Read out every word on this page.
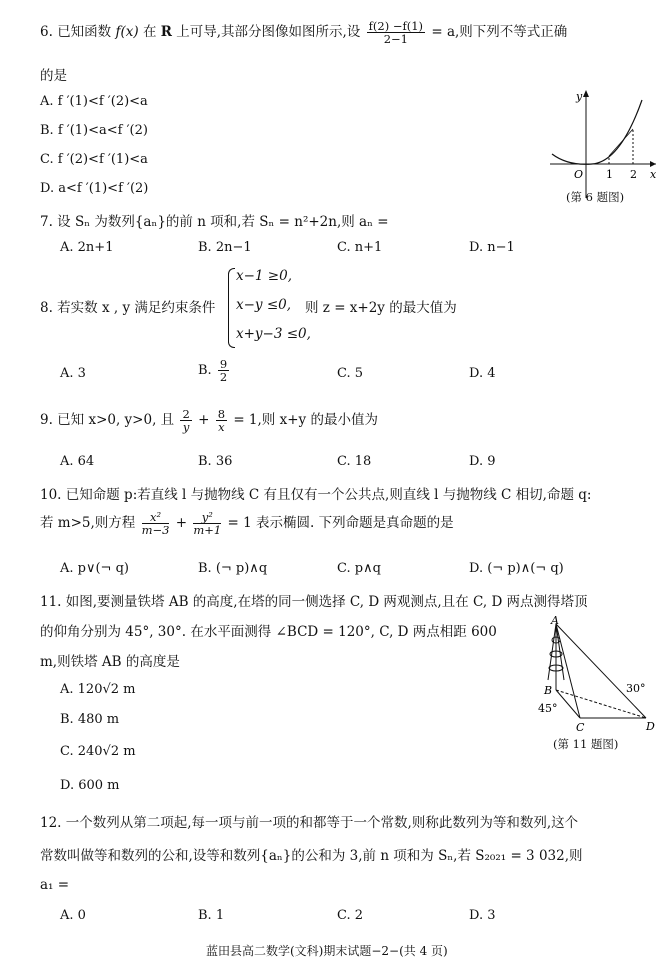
6. 已知函数 f(x) 在 R 上可导,其部分图像如图所示,设 $\frac{f(2) -f(1)}{2-1} = a$,则下列不等式正确
的是
A. f ′(1)<f ′(2)<a
B. f ′(1)<a<f ′(2)
C. f ′(2)<f ′(1)<a
D. a<f ′(1)<f ′(2)
y
x
O 1 2
(第 6 题图)
7. 设 Sₙ 为数列{aₙ}的前 n 项和,若 Sₙ = n²+2n,则 aₙ =
A. 2n+1	B. 2n−1	C. n+1	D. n−1
8. 若实数 x , y 满足约束条件
x−1 ≥0,
x−y ≤0,
x+y−3 ≤0,
则 z = x+2y 的最大值为
A. 3	B. $\frac{9}{2}$	C. 5	D. 4
9. 已知 x>0, y>0, 且 $\frac{2}{y} + \frac{8}{x} = 1$,则 x+y 的最小值为
A. 64	B. 36	C. 18	D. 9
10. 已知命题 p:若直线 l 与抛物线 C 有且仅有一个公共点,则直线 l 与抛物线 C 相切,命题 q:
若 m>5,则方程 $\frac{\text{x²}}{m-3} + \frac{\text{y²}}{m+1} = 1$ 表示椭圆. 下列命题是真命题的是
A. p∨(¬ q)	B. (¬ p)∧q	C. p∧q	D. (¬ p)∧(¬ q)
11. 如图,要测量铁塔 AB 的高度,在塔的同一侧选择 C, D 两观测点,且在 C, D 两点测得塔顶
的仰角分别为 45°, 30°. 在水平面测得 ∠BCD = 120°, C, D 两点相距 600
m,则铁塔 AB 的高度是
A. 120√2 m
B. 480 m
C. 240√2 m
D. 600 m
A
B
C	D
45°
30°
(第 11 题图)
12. 一个数列从第二项起,每一项与前一项的和都等于一个常数,则称此数列为等和数列,这个
常数叫做等和数列的公和,设等和数列{aₙ}的公和为 3,前 n 项和为 Sₙ,若 S₂₀₂₁ = 3 032,则
a₁ =
A. 0	B. 1	C. 2	D. 3
蓝田县高二数学(文科)期末试题−2−(共 4 页)
